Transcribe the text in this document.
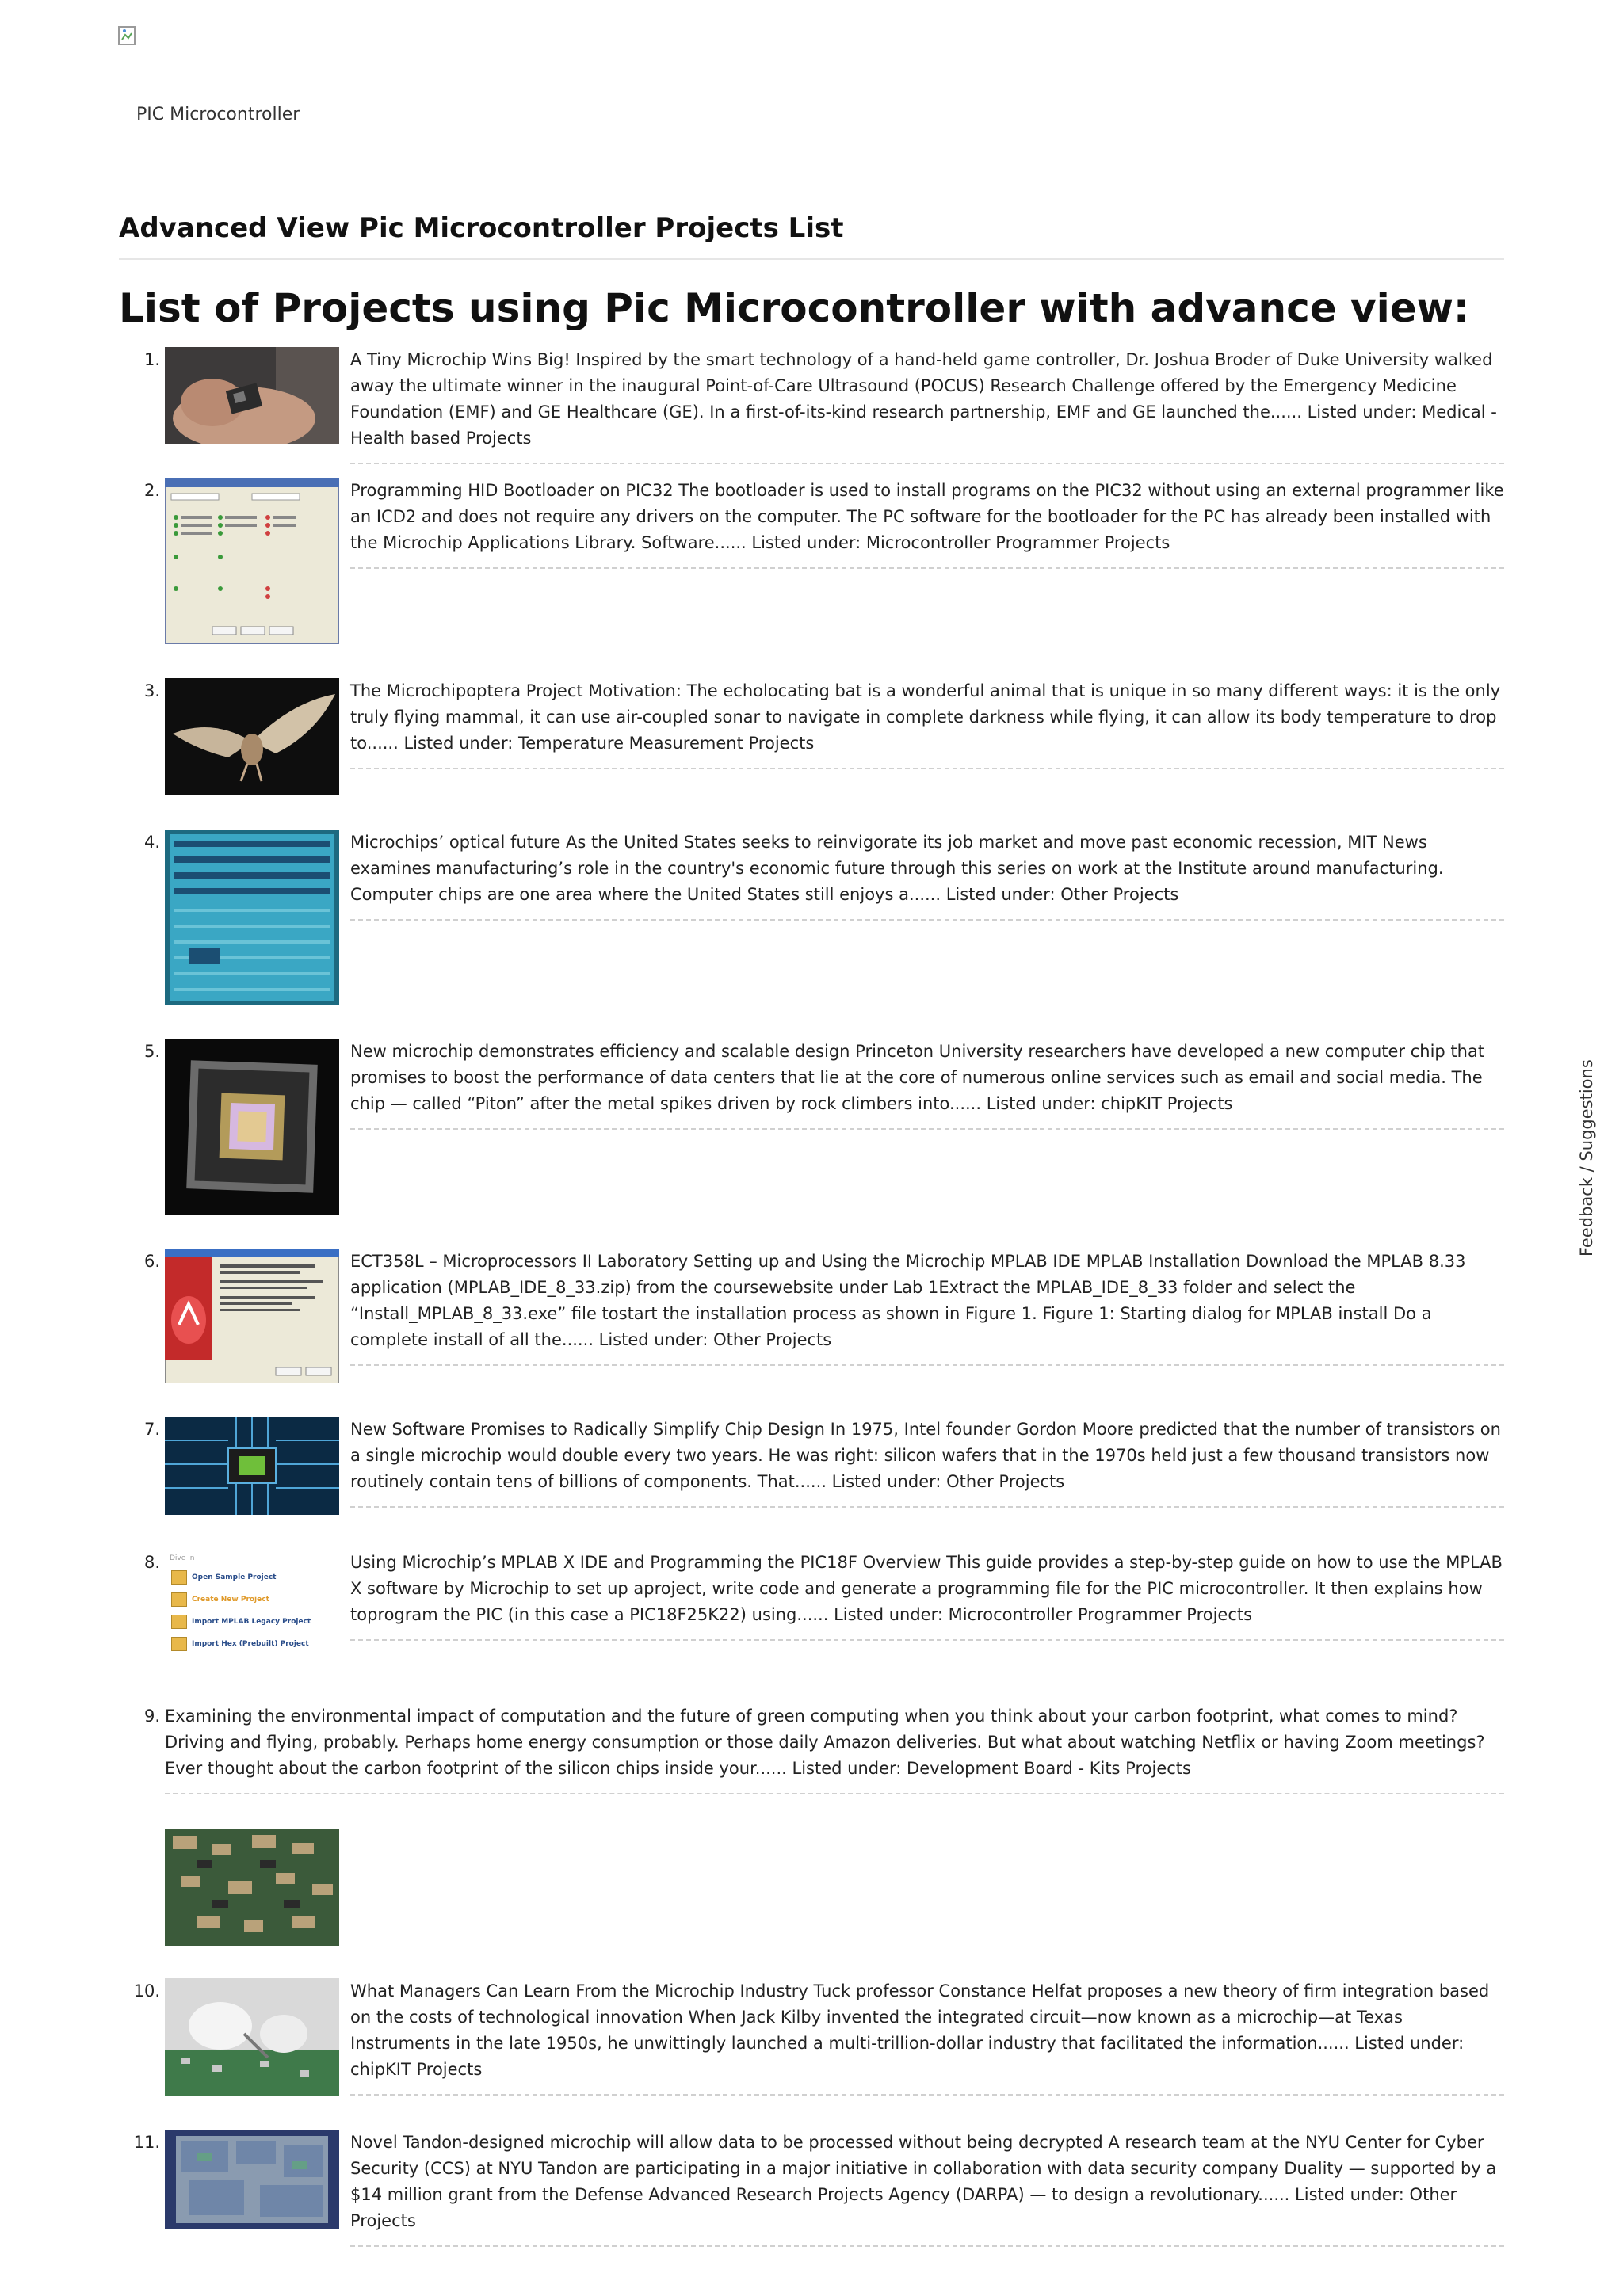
PIC Microcontroller
Advanced View Pic Microcontroller Projects List
List of Projects using Pic Microcontroller with advance view:
1.	A Tiny Microchip Wins Big! Inspired by the smart technology of a hand-held game controller, Dr. Joshua Broder of Duke University walked away the ultimate winner in the inaugural Point-of-Care Ultrasound (POCUS) Research Challenge offered by the Emergency Medicine Foundation (EMF) and GE Healthcare (GE). In a first-of-its-kind research partnership, EMF and GE launched the...... Listed under: Medical - Health based Projects
2.	Programming HID Bootloader on PIC32 The bootloader is used to install programs on the PIC32 without using an external programmer like an ICD2 and does not require any drivers on the computer. The PC software for the bootloader for the PC has already been installed with the Microchip Applications Library. Software...... Listed under: Microcontroller Programmer Projects
3.	The Microchipoptera Project Motivation: The echolocating bat is a wonderful animal that is unique in so many different ways: it is the only truly flying mammal, it can use air-coupled sonar to navigate in complete darkness while flying, it can allow its body temperature to drop to...... Listed under: Temperature Measurement Projects
4.	Microchips’ optical future As the United States seeks to reinvigorate its job market and move past economic recession, MIT News examines manufacturing’s role in the country's economic future through this series on work at the Institute around manufacturing. Computer chips are one area where the United States still enjoys a...... Listed under: Other Projects
5.	New microchip demonstrates efficiency and scalable design Princeton University researchers have developed a new computer chip that promises to boost the performance of data centers that lie at the core of numerous online services such as email and social media. The chip — called “Piton” after the metal spikes driven by rock climbers into...... Listed under: chipKIT Projects
6.	ECT358L – Microprocessors II Laboratory Setting up and Using the Microchip MPLAB IDE MPLAB Installation Download the MPLAB 8.33 application (MPLAB_IDE_8_33.zip) from the coursewebsite under Lab 1Extract the MPLAB_IDE_8_33 folder and select the “Install_MPLAB_8_33.exe” file tostart the installation process as shown in Figure 1. Figure 1: Starting dialog for MPLAB install Do a complete install of all the...... Listed under: Other Projects
7.	New Software Promises to Radically Simplify Chip Design In 1975, Intel founder Gordon Moore predicted that the number of transistors on a single microchip would double every two years. He was right: silicon wafers that in the 1970s held just a few thousand transistors now routinely contain tens of billions of components. That...... Listed under: Other Projects
8. Dive In
Open Sample Project
Create New Project
Import MPLAB Legacy Project
Import Hex (Prebuilt) Project
Using Microchip’s MPLAB X IDE and Programming the PIC18F Overview This guide provides a step-by-step guide on how to use the MPLAB X software by Microchip to set up aproject, write code and generate a programming file for the PIC microcontroller. It then explains how toprogram the PIC (in this case a PIC18F25K22) using...... Listed under: Microcontroller Programmer Projects
9. Examining the environmental impact of computation and the future of green computing when you think about your carbon footprint, what comes to mind? Driving and flying, probably. Perhaps home energy consumption or those daily Amazon deliveries. But what about watching Netflix or having Zoom meetings? Ever thought about the carbon footprint of the silicon chips inside your...... Listed under: Development Board - Kits Projects
10.	What Managers Can Learn From the Microchip Industry Tuck professor Constance Helfat proposes a new theory of firm integration based on the costs of technological innovation When Jack Kilby invented the integrated circuit—now known as a microchip—at Texas Instruments in the late 1950s, he unwittingly launched a multi-trillion-dollar industry that facilitated the information...... Listed under: chipKIT Projects
11.	Novel Tandon-designed microchip will allow data to be processed without being decrypted A research team at the NYU Center for Cyber Security (CCS) at NYU Tandon are participating in a major initiative in collaboration with data security company Duality — supported by a $14 million grant from the Defense Advanced Research Projects Agency (DARPA) — to design a revolutionary...... Listed under: Other Projects
Feedback / Suggestions
